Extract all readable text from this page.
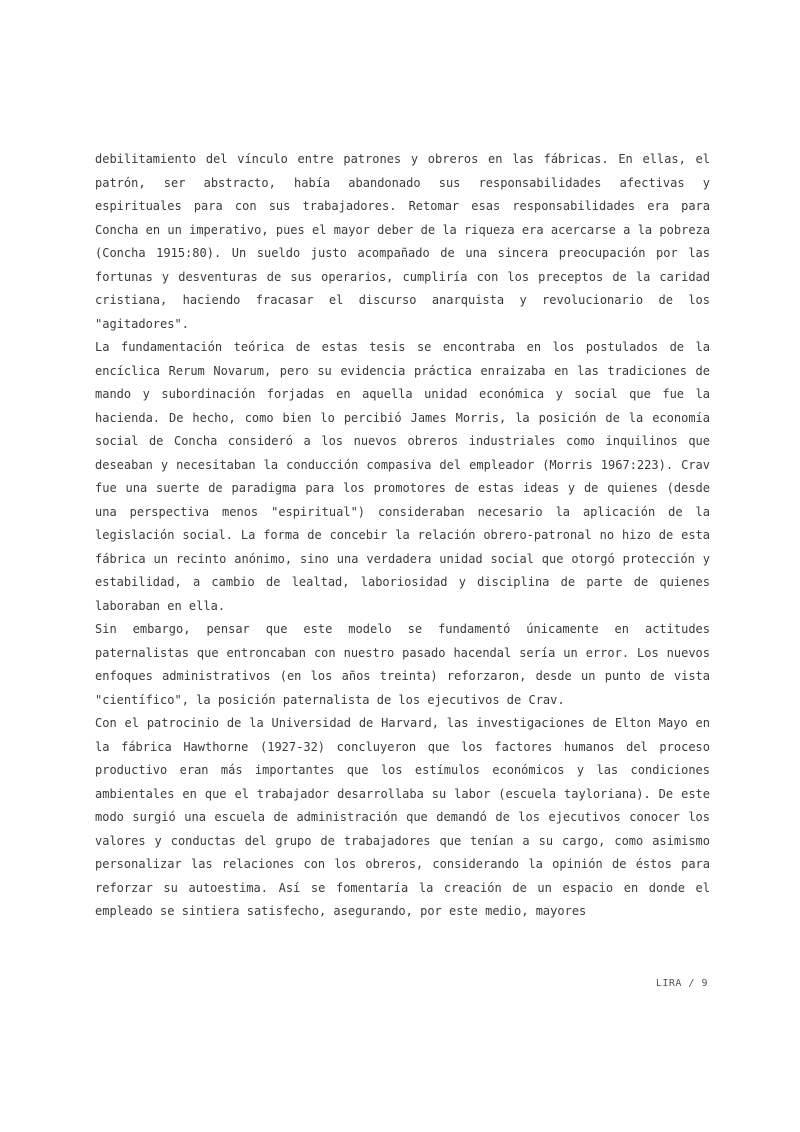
debilitamiento del vínculo entre patrones y obreros en las fábricas. En ellas, el patrón, ser abstracto, había abandonado sus responsabilidades afectivas y espirituales para con sus trabajadores. Retomar esas responsabilidades era para Concha en un imperativo, pues el mayor deber de la riqueza era acercarse a la pobreza (Concha 1915:80). Un sueldo justo acompañado de una sincera preocupación por las fortunas y desventuras de sus operarios, cumpliría con los preceptos de la caridad cristiana, haciendo fracasar el discurso anarquista y revolucionario de los "agitadores".

La fundamentación teórica de estas tesis se encontraba en los postulados de la encíclica Rerum Novarum, pero su evidencia práctica enraizaba en las tradiciones de mando y subordinación forjadas en aquella unidad económica y social que fue la hacienda. De hecho, como bien lo percibió James Morris, la posición de la economía social de Concha consideró a los nuevos obreros industriales como inquilinos que deseaban y necesitaban la conducción compasiva del empleador (Morris 1967:223). Crav fue una suerte de paradigma para los promotores de estas ideas y de quienes (desde una perspectiva menos "espiritual") consideraban necesario la aplicación de la legislación social. La forma de concebir la relación obrero-patronal no hizo de esta fábrica un recinto anónimo, sino una verdadera unidad social que otorgó protección y estabilidad, a cambio de lealtad, laboriosidad y disciplina de parte de quienes laboraban en ella.

Sin embargo, pensar que este modelo se fundamentó únicamente en actitudes paternalistas que entroncaban con nuestro pasado hacendal sería un error. Los nuevos enfoques administrativos (en los años treinta) reforzaron, desde un punto de vista "científico", la posición paternalista de los ejecutivos de Crav.

Con el patrocinio de la Universidad de Harvard, las investigaciones de Elton Mayo en la fábrica Hawthorne (1927-32) concluyeron que los factores humanos del proceso productivo eran más importantes que los estímulos económicos y las condiciones ambientales en que el trabajador desarrollaba su labor (escuela tayloriana). De este modo surgió una escuela de administración que demandó de los ejecutivos conocer los valores y conductas del grupo de trabajadores que tenían a su cargo, como asimismo personalizar las relaciones con los obreros, considerando la opinión de éstos para reforzar su autoestima. Así se fomentaría la creación de un espacio en donde el empleado se sintiera satisfecho, asegurando, por este medio, mayores

LIRA / 9
